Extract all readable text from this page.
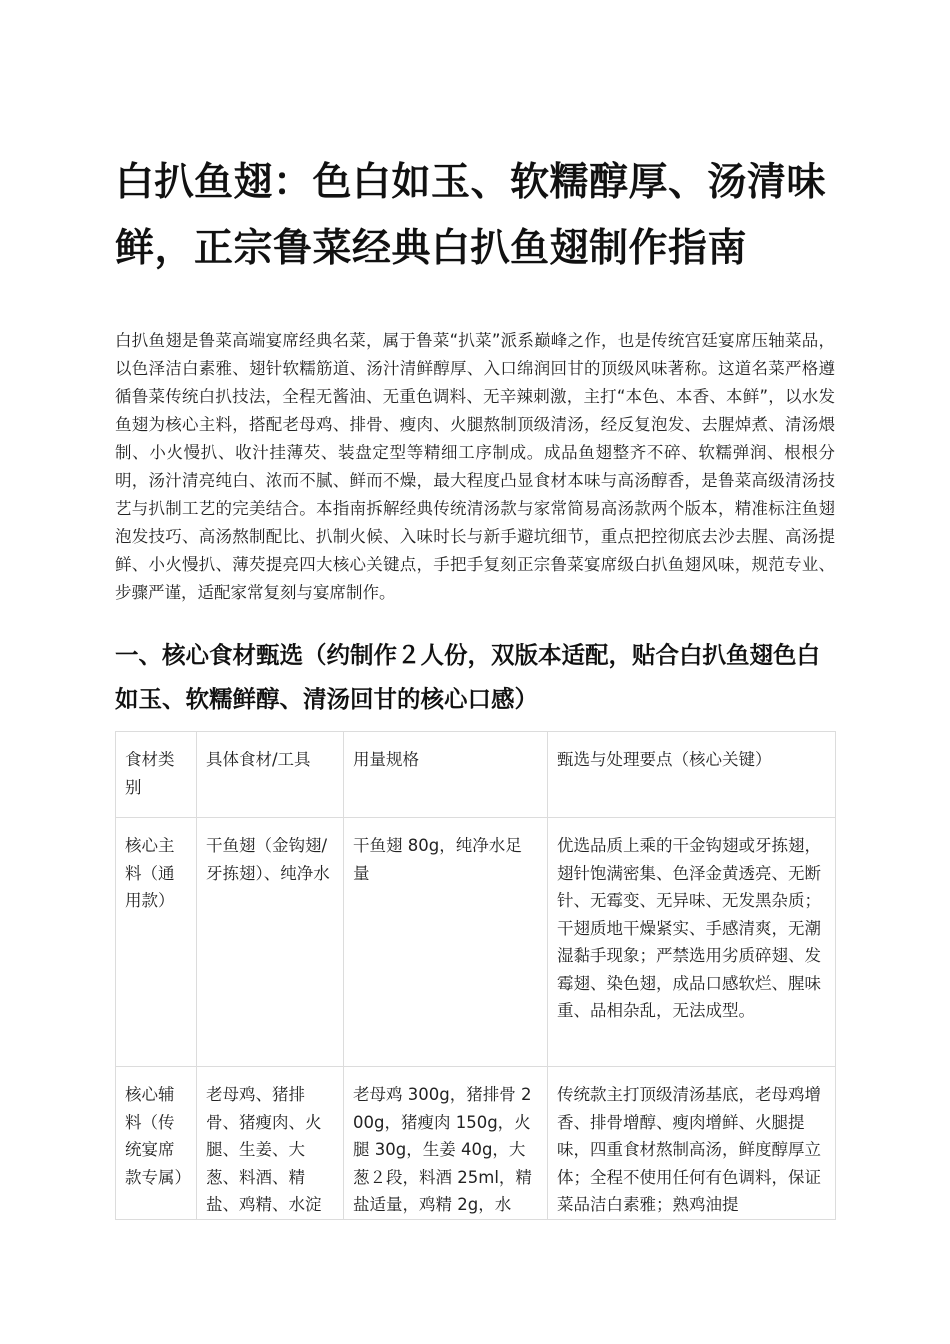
白扒鱼翅：色白如玉、软糯醇厚、汤清味鲜，正宗鲁菜经典白扒鱼翅制作指南

白扒鱼翅是鲁菜高端宴席经典名菜，属于鲁菜“扒菜”派系巅峰之作，也是传统宫廷宴席压轴菜品，以色泽洁白素雅、翅针软糯筋道、汤汁清鲜醇厚、入口绵润回甘的顶级风味著称。这道名菜严格遵循鲁菜传统白扒技法，全程无酱油、无重色调料、无辛辣刺激，主打“本色、本香、本鲜”，以水发鱼翅为核心主料，搭配老母鸡、排骨、瘦肉、火腿熬制顶级清汤，经反复泡发、去腥焯煮、清汤煨制、小火慢扒、收汁挂薄芡、装盘定型等精细工序制成。成品鱼翅整齐不碎、软糯弹润、根根分明，汤汁清亮纯白、浓而不腻、鲜而不燥，最大程度凸显食材本味与高汤醇香，是鲁菜高级清汤技艺与扒制工艺的完美结合。本指南拆解经典传统清汤款与家常简易高汤款两个版本，精准标注鱼翅泡发技巧、高汤熬制配比、扒制火候、入味时长与新手避坑细节，重点把控彻底去沙去腥、高汤提鲜、小火慢扒、薄芡提亮四大核心关键点，手把手复刻正宗鲁菜宴席级白扒鱼翅风味，规范专业、步骤严谨，适配家常复刻与宴席制作。

一、核心食材甄选（约制作２人份，双版本适配，贴合白扒鱼翅色白如玉、软糯鲜醇、清汤回甘的核心口感）
食材类别	具体食材/工具	用量规格	甄选与处理要点（核心关键）
核心主料（通用款）	干鱼翅（金钩翅/牙拣翅）、纯净水	干鱼翅 80g，纯净水足量	优选品质上乘的干金钩翅或牙拣翅，翅针饱满密集、色泽金黄透亮、无断针、无霉变、无异味、无发黑杂质；干翅质地干燥紧实、手感清爽，无潮湿黏手现象；严禁选用劣质碎翅、发霉翅、染色翅，成品口感软烂、腥味重、品相杂乱，无法成型。
核心辅料（传统宴席款专属）	老母鸡、猪排骨、猪瘦肉、火腿、生姜、大葱、料酒、精盐、鸡精、水淀	老母鸡 300g，猪排骨 200g，猪瘦肉 150g，火腿 30g，生姜 40g，大葱２段，料酒 25ml，精盐适量，鸡精 2g，水	传统款主打顶级清汤基底，老母鸡增香、排骨增醇、瘦肉增鲜、火腿提味，四重食材熬制高汤，鲜度醇厚立体；全程不使用任何有色调料，保证菜品洁白素雅；熟鸡油提
